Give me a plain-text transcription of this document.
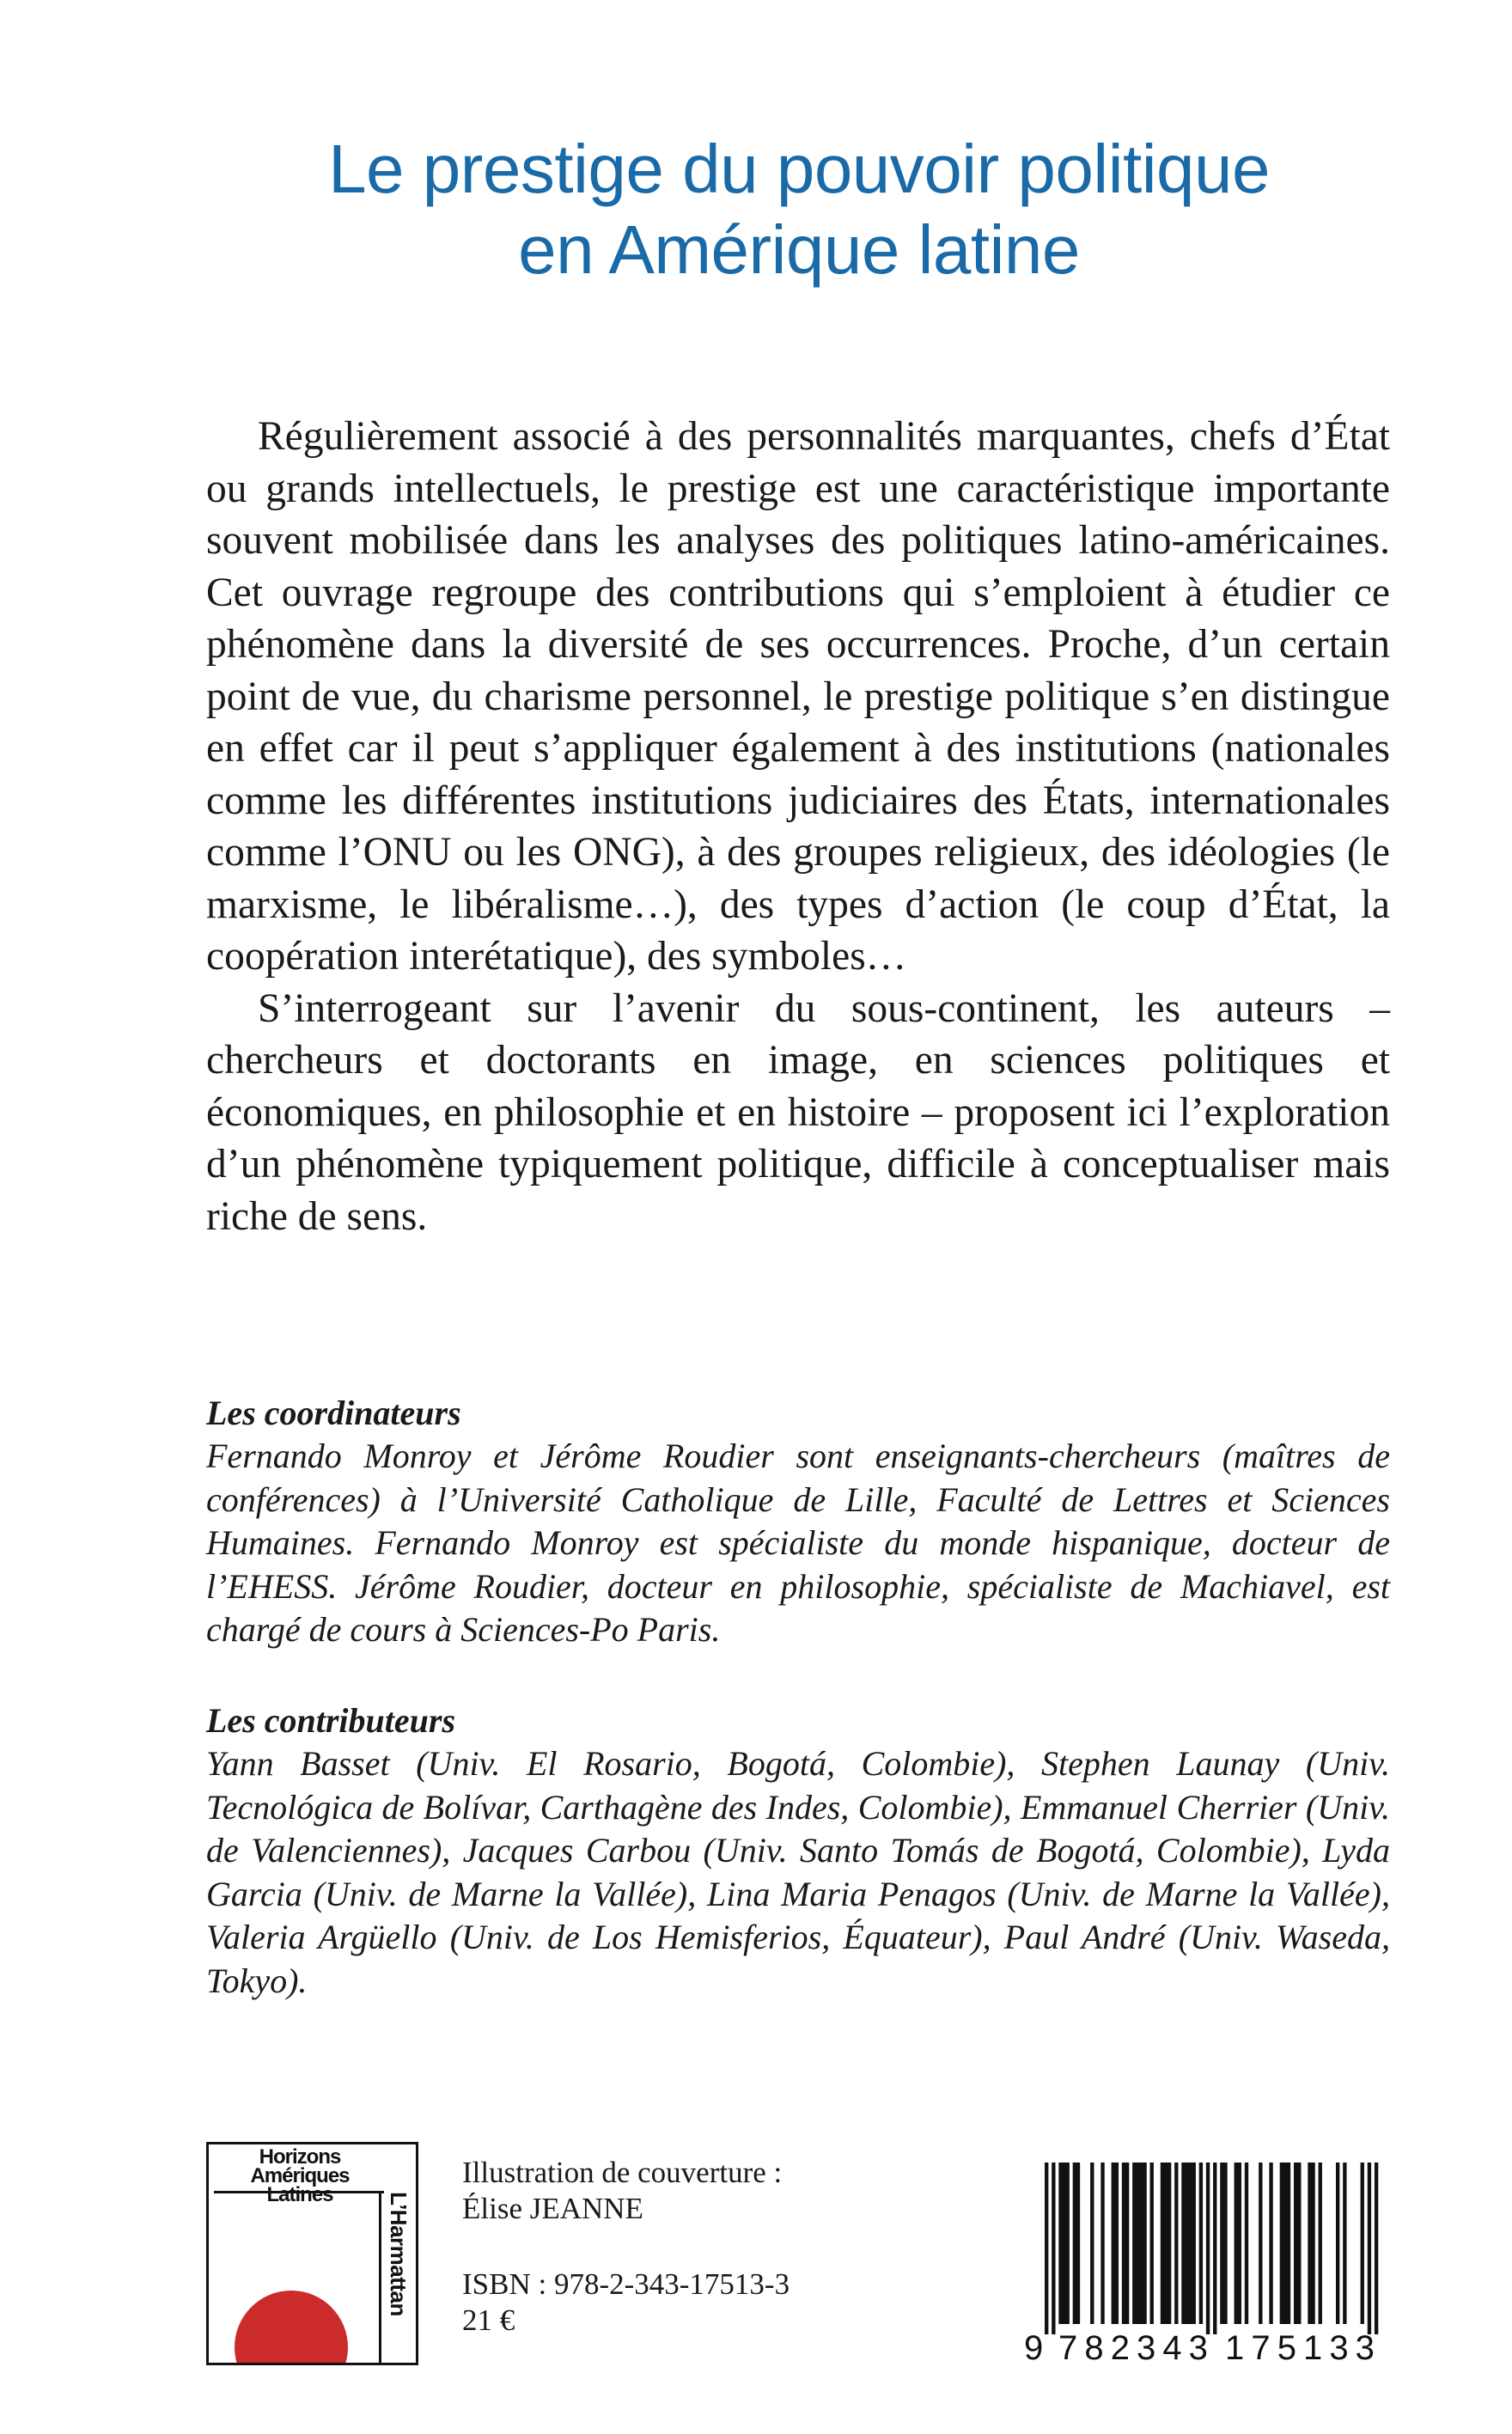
Le prestige du pouvoir politique
en Amérique latine

Régulièrement associé à des personnalités marquantes, chefs d’État ou grands intellectuels, le prestige est une caractéristique importante souvent mobilisée dans les analyses des politiques latino-américaines. Cet ouvrage regroupe des contributions qui s’emploient à étudier ce phénomène dans la diversité de ses occurrences. Proche, d’un certain point de vue, du charisme personnel, le prestige politique s’en distingue en effet car il peut s’appliquer également à des institutions (nationales comme les différentes institutions judiciaires des États, internationales comme l’ONU ou les ONG), à des groupes religieux, des idéologies (le marxisme, le libéralisme…), des types d’action (le coup d’État, la coopération interétatique), des symboles…

S’interrogeant sur l’avenir du sous-continent, les auteurs – chercheurs et doctorants en image, en sciences politiques et économiques, en philosophie et en histoire – proposent ici l’exploration d’un phénomène typiquement politique, difficile à conceptualiser mais riche de sens.

Les coordinateurs

Fernando Monroy et Jérôme Roudier sont enseignants-chercheurs (maîtres de conférences) à l’Université Catholique de Lille, Faculté de Lettres et Sciences Humaines. Fernando Monroy est spécialiste du monde hispanique, docteur de l’EHESS. Jérôme Roudier, docteur en philosophie, spécialiste de Machiavel, est chargé de cours à Sciences-Po Paris.

Les contributeurs

Yann Basset (Univ. El Rosario, Bogotá, Colombie), Stephen Launay (Univ. Tecnológica de Bolívar, Carthagène des Indes, Colombie), Emmanuel Cherrier (Univ. de Valenciennes), Jacques Carbou (Univ. Santo Tomás de Bogotá, Colombie), Lyda Garcia (Univ. de Marne la Vallée), Lina Maria Penagos (Univ. de Marne la Vallée), Valeria Argüello (Univ. de Los Hemisferios, Équateur), Paul André (Univ. Waseda, Tokyo).

Horizons
Amériques Latines	L’Harmattan
Illustration de couverture :
Élise JEANNE
ISBN : 978-2-343-17513-3
21 €
9 7 8 2 3 4 3 1 7 5 1 3 3
